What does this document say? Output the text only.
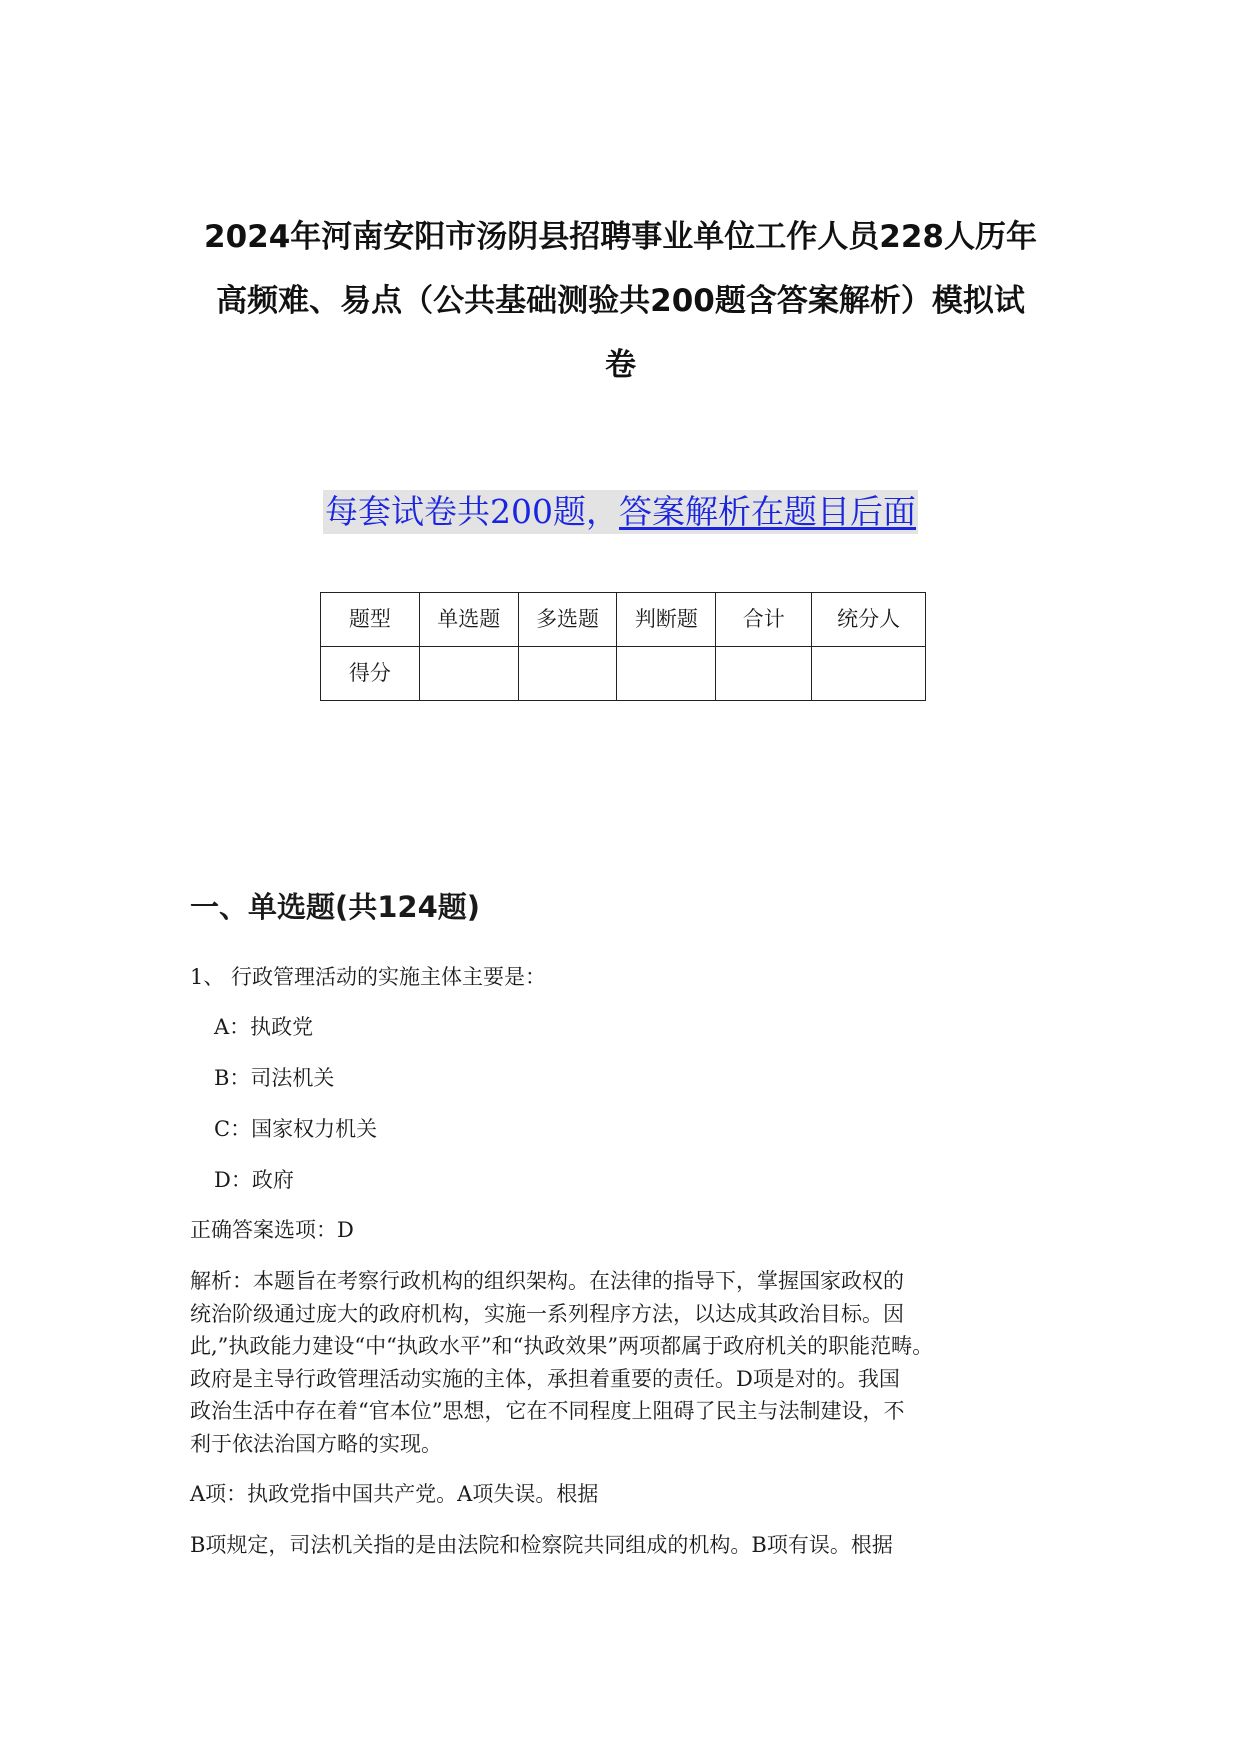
2024年河南安阳市汤阴县招聘事业单位工作人员228人历年
高频难、易点（公共基础测验共200题含答案解析）模拟试
卷
每套试卷共200题，答案解析在题目后面
题型	单选题	多选题	判断题	合计	统分人
得分					
一、单选题(共124题)
1、 行政管理活动的实施主体主要是：
A：执政党
B：司法机关
C：国家权力机关
D：政府
正确答案选项：D
解析：本题旨在考察行政机构的组织架构。在法律的指导下，掌握国家政权的
统治阶级通过庞大的政府机构，实施一系列程序方法，以达成其政治目标。因
此,”执政能力建设“中“执政水平”和“执政效果”两项都属于政府机关的职能范畴。
政府是主导行政管理活动实施的主体，承担着重要的责任。D项是对的。我国
政治生活中存在着“官本位”思想，它在不同程度上阻碍了民主与法制建设，不
利于依法治国方略的实现。
A项：执政党指中国共产党。A项失误。根据
B项规定，司法机关指的是由法院和检察院共同组成的机构。B项有误。根据
